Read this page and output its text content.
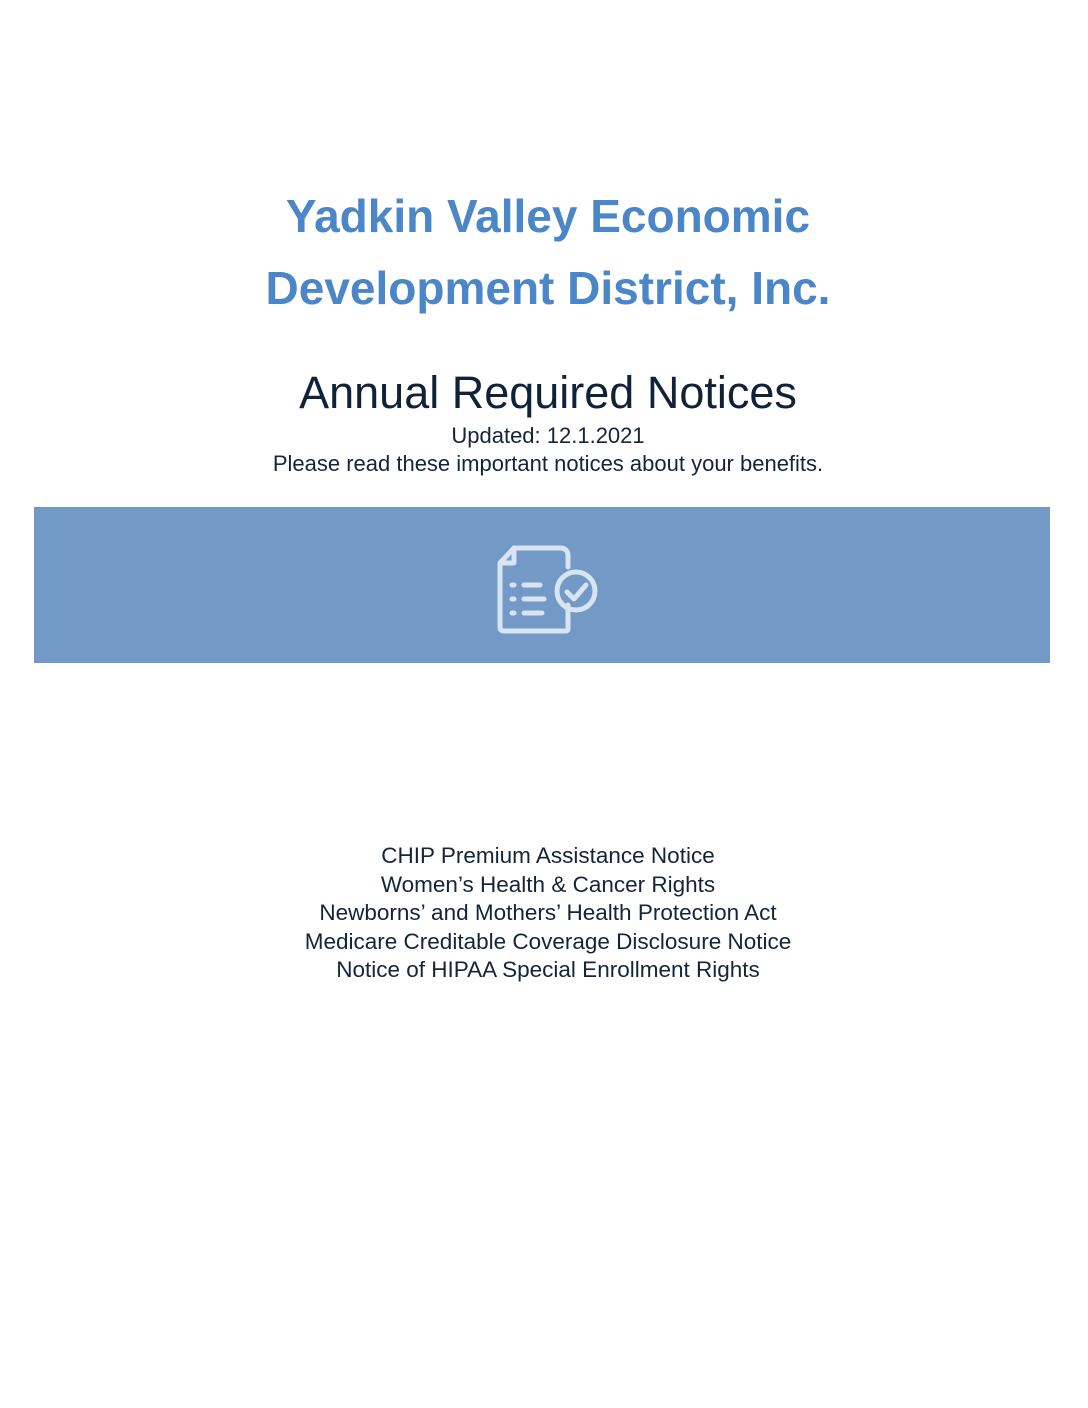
Yadkin Valley Economic
Development District, Inc.
Annual Required Notices
Updated: 12.1.2021
Please read these important notices about your benefits.
CHIP Premium Assistance Notice
Women’s Health & Cancer Rights
Newborns’ and Mothers’ Health Protection Act
Medicare Creditable Coverage Disclosure Notice
Notice of HIPAA Special Enrollment Rights
